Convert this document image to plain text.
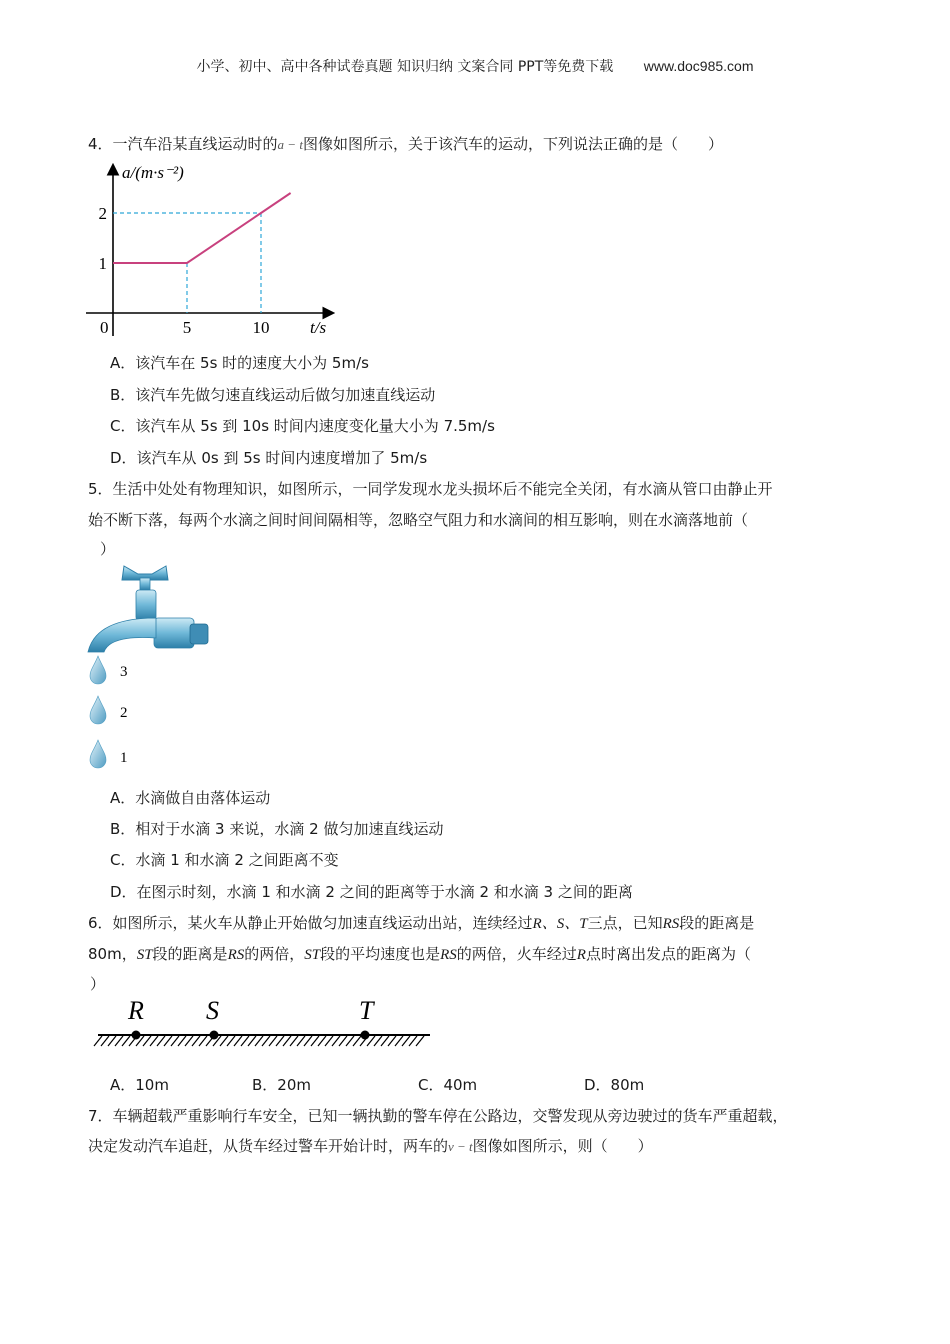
小学、初中、高中各种试卷真题 知识归纳 文案合同 PPT等免费下载 www.doc985.com
4．一汽车沿某直线运动时的a − t图像如图所示，关于该汽车的运动，下列说法正确的是（　　）
a/(m·s⁻²)
t/s
0	5	10
1
2
A．该汽车在 5s 时的速度大小为 5m/s
B．该汽车先做匀速直线运动后做匀加速直线运动
C．该汽车从 5s 到 10s 时间内速度变化量大小为 7.5m/s
D．该汽车从 0s 到 5s 时间内速度增加了 5m/s
5．生活中处处有物理知识，如图所示，一同学发现水龙头损坏后不能完全关闭，有水滴从管口由静止开
始不断下落，每两个水滴之间时间间隔相等，忽略空气阻力和水滴间的相互影响，则在水滴落地前（
）
3
2
1
A．水滴做自由落体运动
B．相对于水滴 3 来说，水滴 2 做匀加速直线运动
C．水滴 1 和水滴 2 之间距离不变
D．在图示时刻，水滴 1 和水滴 2 之间的距离等于水滴 2 和水滴 3 之间的距离
6．如图所示，某火车从静止开始做匀加速直线运动出站，连续经过R、S、T三点，已知RS段的距离是
80m，ST段的距离是RS的两倍，ST段的平均速度也是RS的两倍，火车经过R点时离出发点的距离为（
）
R S	T
A．10m	B．20m	C．40m	D．80m
7．车辆超载严重影响行车安全，已知一辆执勤的警车停在公路边，交警发现从旁边驶过的货车严重超载，
决定发动汽车追赶，从货车经过警车开始计时，两车的v − t图像如图所示，则（　　）
